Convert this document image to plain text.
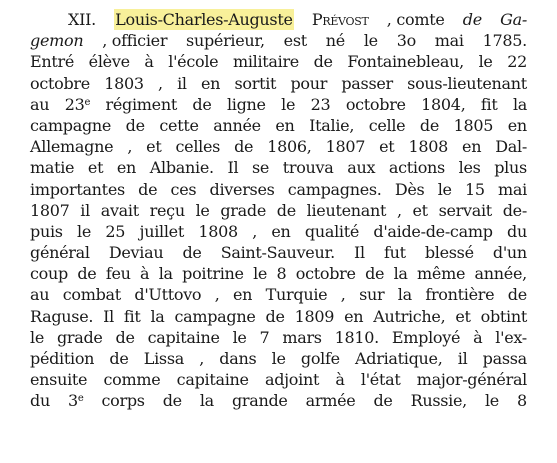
XII. Louis-Charles-Auguste Prévost , comte de Ga-
gemon , officier supérieur, est né le 3o mai 1785.
Entré élève à l'école militaire de Fontainebleau, le 22
octobre 1803 , il en sortit pour passer sous-lieutenant
au 23e régiment de ligne le 23 octobre 1804, fit la
campagne de cette année en Italie, celle de 1805 en
Allemagne , et celles de 1806, 1807 et 1808 en Dal-
matie et en Albanie. Il se trouva aux actions les plus
importantes de ces diverses campagnes. Dès le 15 mai
1807 il avait reçu le grade de lieutenant , et servait de-
puis le 25 juillet 1808 , en qualité d'aide-de-camp du
général Deviau de Saint-Sauveur. Il fut blessé d'un
coup de feu à la poitrine le 8 octobre de la même année,
au combat d'Uttovo , en Turquie , sur la frontière de
Raguse. Il fit la campagne de 1809 en Autriche, et obtint
le grade de capitaine le 7 mars 1810. Employé à l'ex-
pédition de Lissa , dans le golfe Adriatique, il passa
ensuite comme capitaine adjoint à l'état major-général
du 3e corps de la grande armée de Russie, le 8
